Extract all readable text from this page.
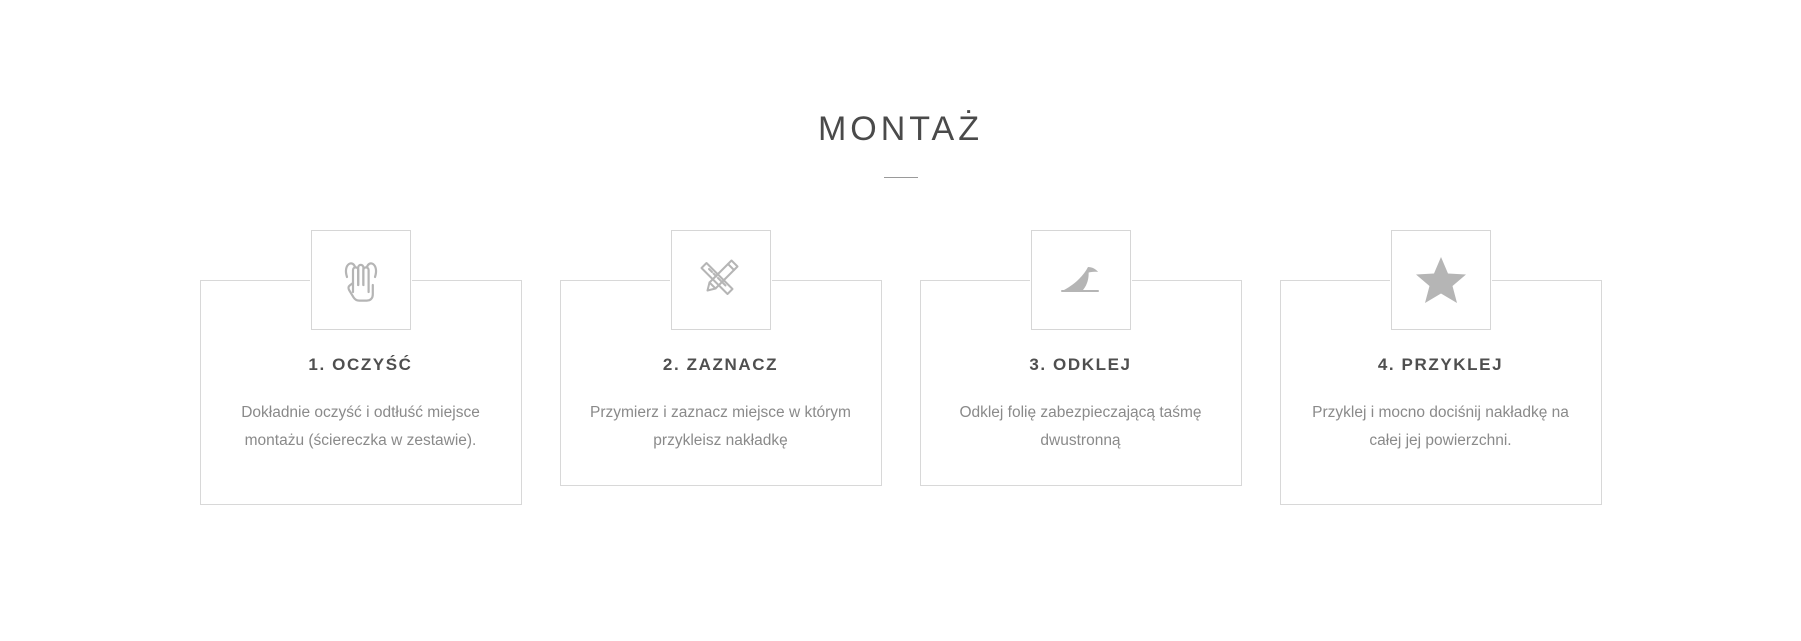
MONTAŻ
1. OCZYŚĆ

Dokładnie oczyść i odtłuść miejsce montażu (ściereczka w zestawie).

2. ZAZNACZ

Przymierz i zaznacz miejsce w którym przykleisz nakładkę

3. ODKLEJ

Odklej folię zabezpieczającą taśmę dwustronną

4. PRZYKLEJ

Przyklej i mocno dociśnij nakładkę na całej jej powierzchni.
